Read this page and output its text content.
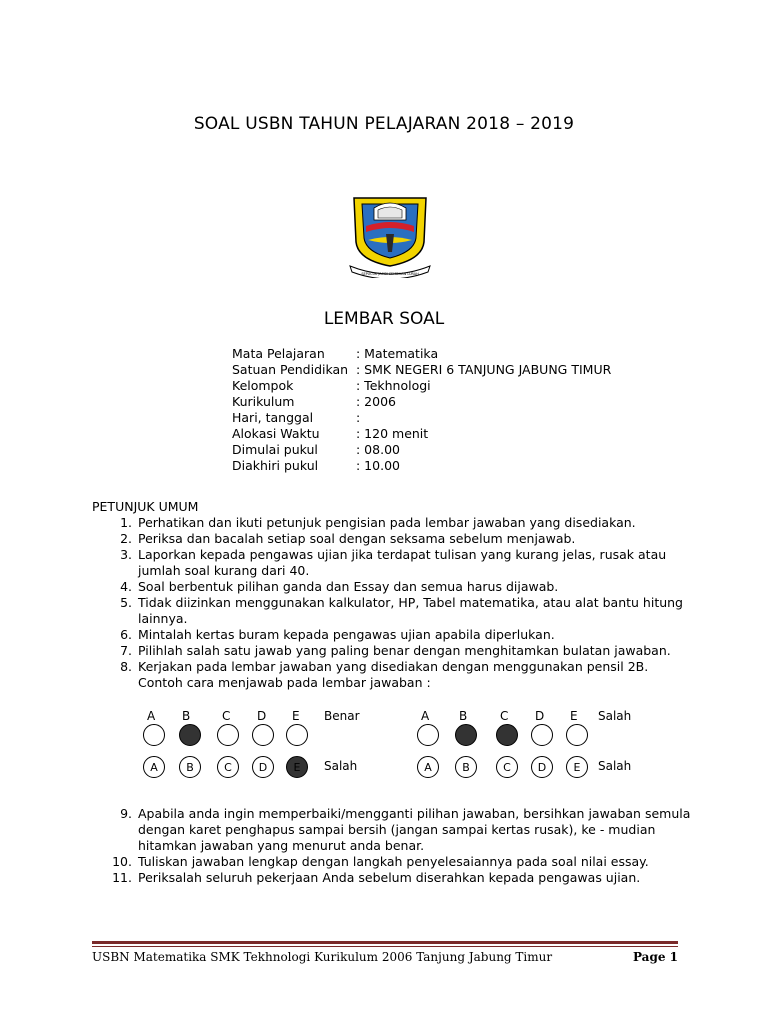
SOAL USBN TAHUN PELAJARAN 2018 – 2019
SEPUCUK JAMBI SEMBILAN LURAH
LEMBAR SOAL
Mata Pelajaran	: Matematika
Satuan Pendidikan : SMK NEGERI 6 TANJUNG JABUNG TIMUR
Kelompok	: Tekhnologi
Kurikulum	: 2006
Hari, tanggal	:
Alokasi Waktu	: 120 menit
Dimulai pukul	: 08.00
Diakhiri pukul	: 10.00
PETUNJUK UMUM
1. Perhatikan dan ikuti petunjuk pengisian pada lembar jawaban yang disediakan.
2. Periksa dan bacalah setiap soal dengan seksama sebelum menjawab.
3. Laporkan kepada pengawas ujian jika terdapat tulisan yang kurang jelas, rusak atau jumlah soal kurang dari 40.
4. Soal berbentuk pilihan ganda dan Essay dan semua harus dijawab.
5. Tidak diizinkan menggunakan kalkulator, HP, Tabel matematika, atau alat bantu hitung lainnya.
6. Mintalah kertas buram kepada pengawas ujian apabila diperlukan.
7. Pilihlah salah satu jawab yang paling benar dengan menghitamkan bulatan jawaban.
8. Kerjakan pada lembar jawaban yang disediakan dengan menggunakan pensil 2B. Contoh cara menjawab pada lembar jawaban :
A B	C D E Benar
A	B	C	D	E	Salah
A B	C D E Salah
A	B	C	D	E	Salah
9. Apabila anda ingin memperbaiki/mengganti pilihan jawaban, bersihkan jawaban semula dengan karet penghapus sampai bersih (jangan sampai kertas rusak), ke - mudian hitamkan jawaban yang menurut anda benar.
10. Tuliskan jawaban lengkap dengan langkah penyelesaiannya pada soal nilai essay.
11. Periksalah seluruh pekerjaan Anda sebelum diserahkan kepada pengawas ujian.
USBN Matematika SMK Tekhnologi Kurikulum 2006 Tanjung Jabung Timur	Page 1
